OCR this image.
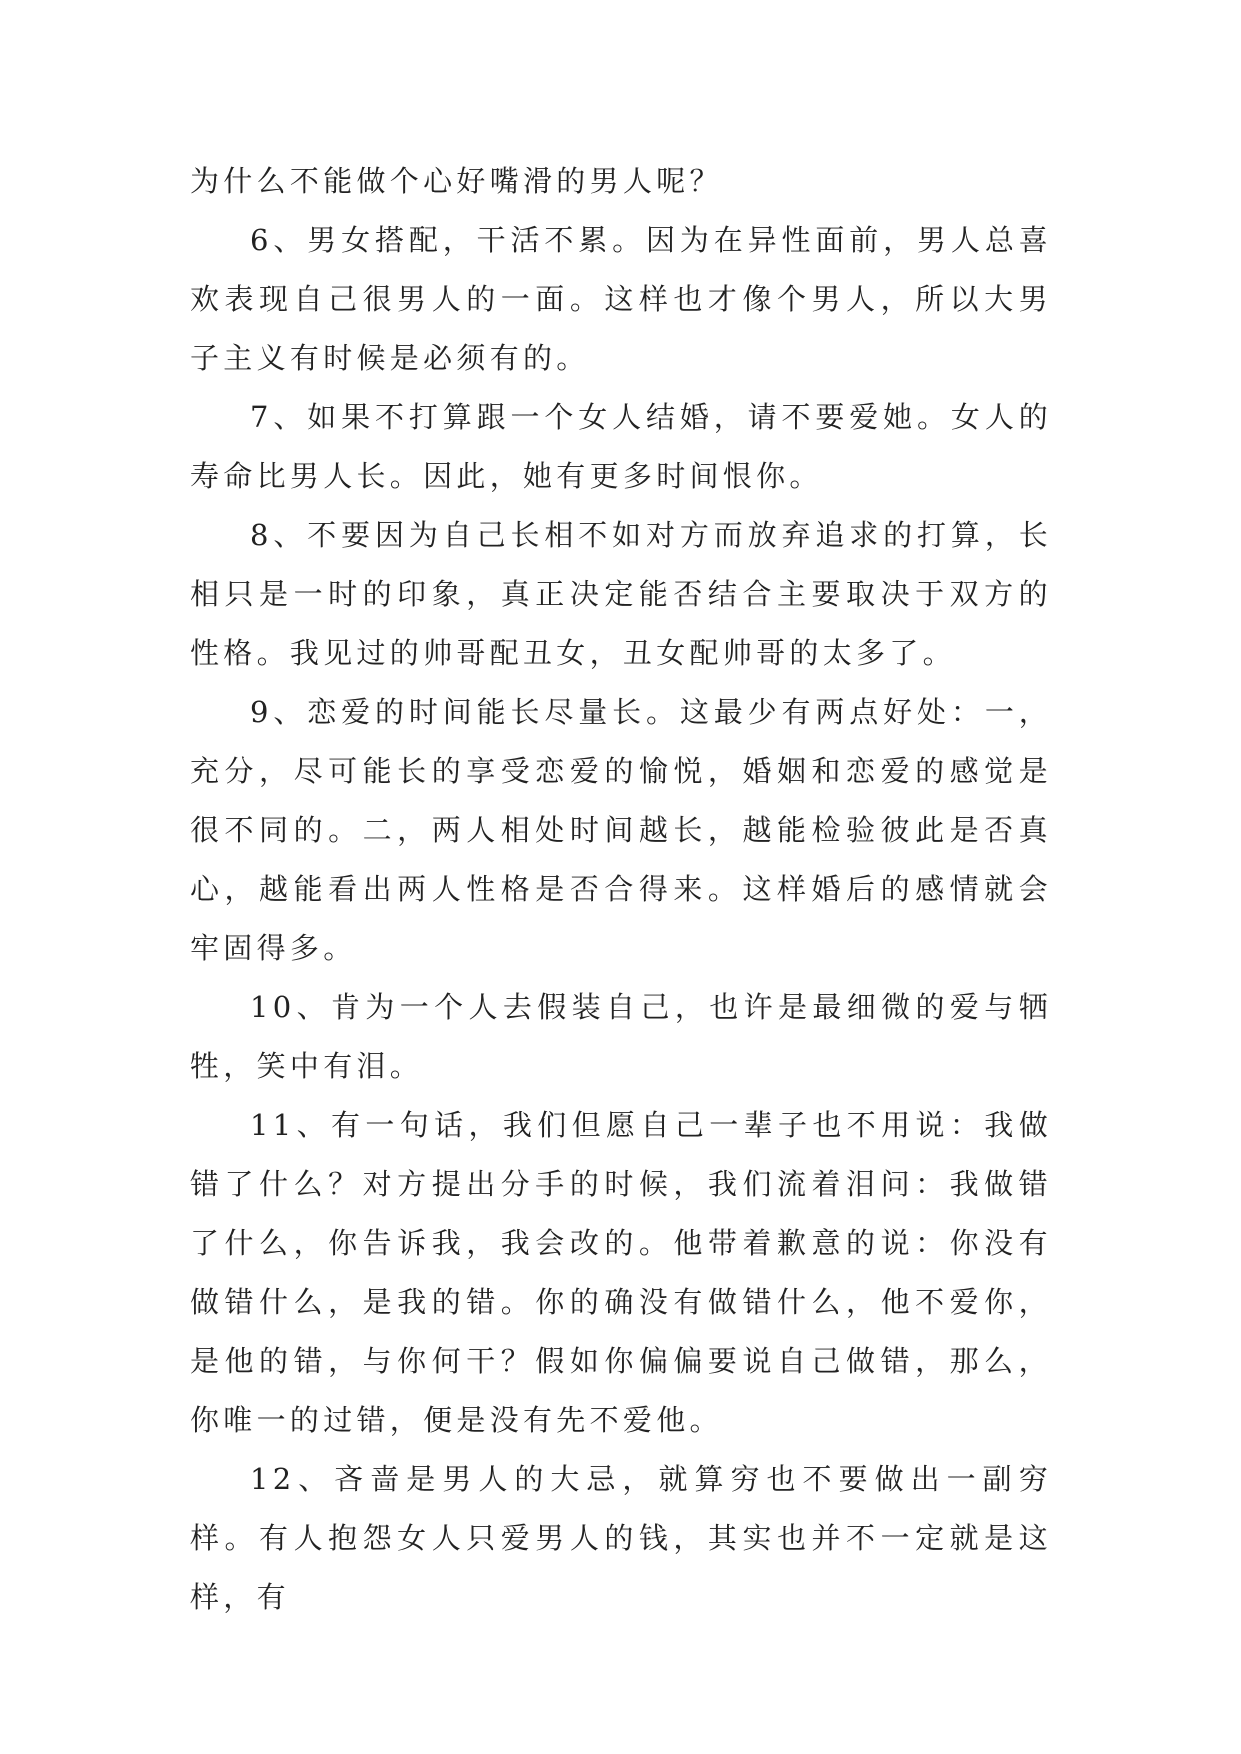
为什么不能做个心好嘴滑的男人呢？

6、男女搭配，干活不累。因为在异性面前，男人总喜欢表现自己很男人的一面。这样也才像个男人，所以大男子主义有时候是必须有的。

7、如果不打算跟一个女人结婚，请不要爱她。女人的寿命比男人长。因此，她有更多时间恨你。

8、不要因为自己长相不如对方而放弃追求的打算，长相只是一时的印象，真正决定能否结合主要取决于双方的性格。我见过的帅哥配丑女，丑女配帅哥的太多了。

9、恋爱的时间能长尽量长。这最少有两点好处：一，充分，尽可能长的享受恋爱的愉悦，婚姻和恋爱的感觉是很不同的。二，两人相处时间越长，越能检验彼此是否真心，越能看出两人性格是否合得来。这样婚后的感情就会牢固得多。

10、肯为一个人去假装自己，也许是最细微的爱与牺牲，笑中有泪。

11、有一句话，我们但愿自己一辈子也不用说：我做错了什么？对方提出分手的时候，我们流着泪问：我做错了什么，你告诉我，我会改的。他带着歉意的说：你没有做错什么，是我的错。你的确没有做错什么，他不爱你，是他的错，与你何干？假如你偏偏要说自己做错，那么，你唯一的过错，便是没有先不爱他。

12、吝啬是男人的大忌，就算穷也不要做出一副穷样。有人抱怨女人只爱男人的钱，其实也并不一定就是这样，有
